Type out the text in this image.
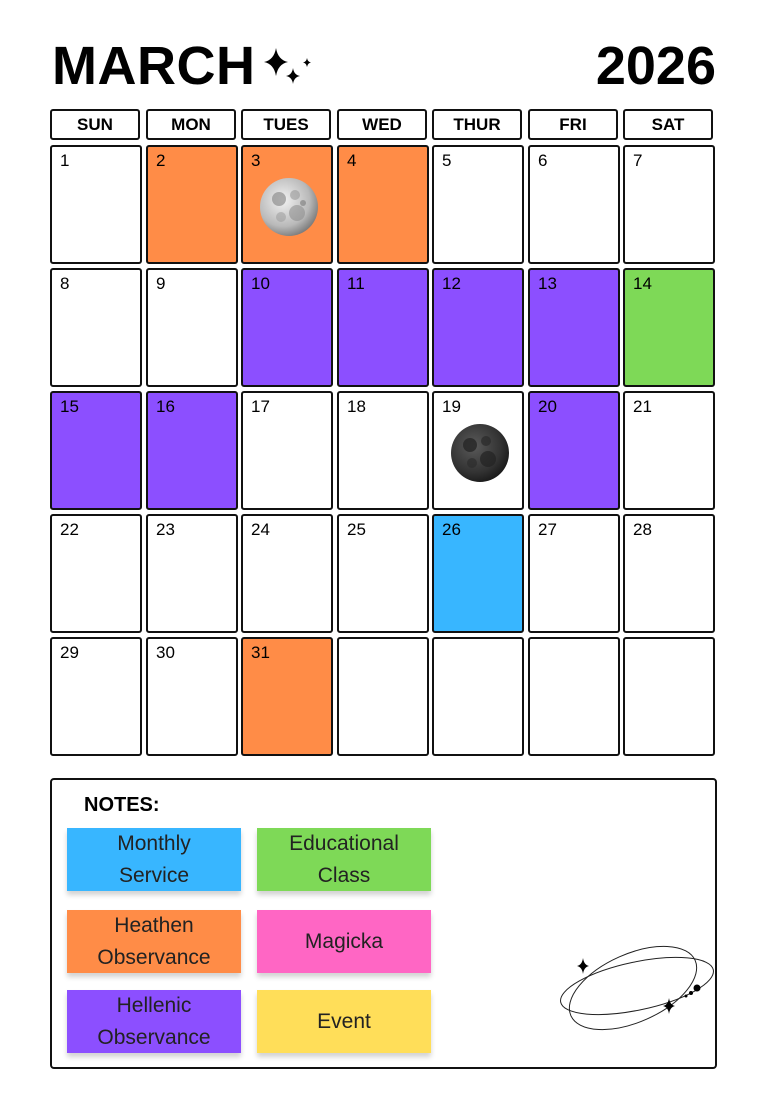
MARCH	2026
SUN	MON	TUES	WED	THUR	FRI	SAT
1	2	3	4	5	6	7
8	9	10	11	12	13	14
15	16	17	18	19	20	21
22	23	24	25	26	27	28
29	30	31
NOTES:
Monthly
Service
Educational
Class
Heathen
Observance
Magicka
Hellenic
Observance
Event
